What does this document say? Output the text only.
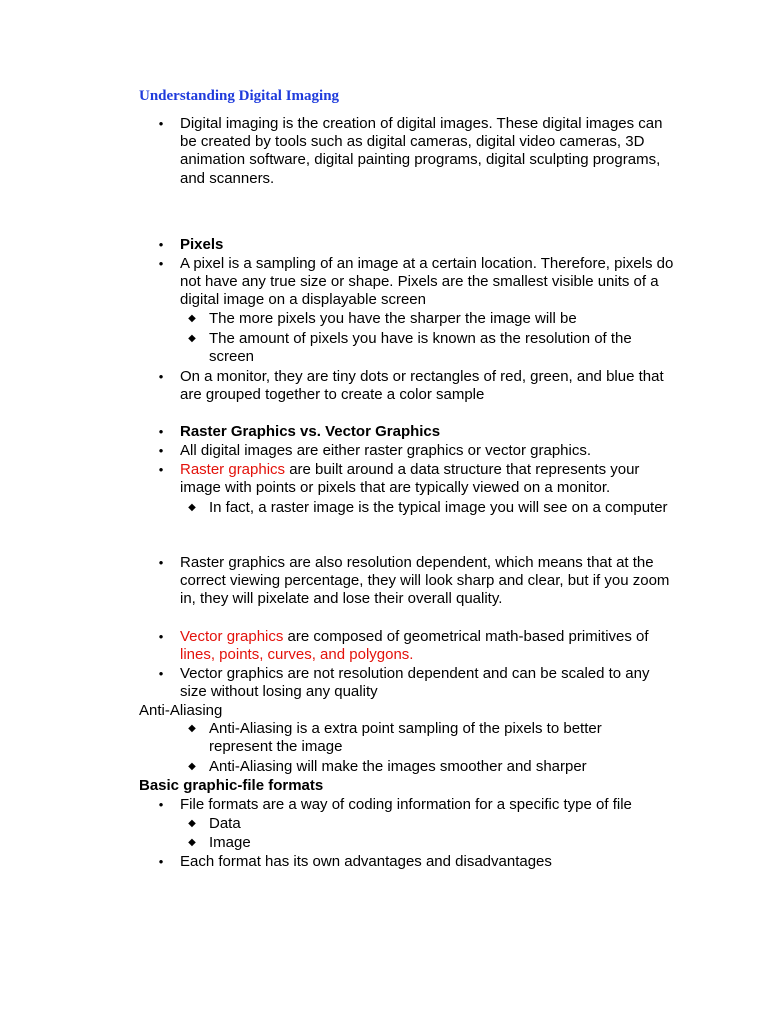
Understanding Digital Imaging
•	Digital imaging is the creation of digital images. These digital images can be created by tools such as digital cameras, digital video cameras, 3D animation software, digital painting programs, digital sculpting programs, and scanners.
•	Pixels
•	A pixel is a sampling of an image at a certain location. Therefore, pixels do not have any true size or shape. Pixels are the smallest visible units of a digital image on a displayable screen
◆ The more pixels you have the sharper the image will be
◆ The amount of pixels you have is known as the resolution of the screen
•	On a monitor, they are tiny dots or rectangles of red, green, and blue that are grouped together to create a color sample
•	Raster Graphics vs. Vector Graphics
•	All digital images are either raster graphics or vector graphics.
•	Raster graphics are built around a data structure that represents your image with points or pixels that are typically viewed on a monitor.
◆ In fact, a raster image is the typical image you will see on a computer
•	Raster graphics are also resolution dependent, which means that at the correct viewing percentage, they will look sharp and clear, but if you zoom in, they will pixelate and lose their overall quality.
•	Vector graphics are composed of geometrical math-based primitives of lines, points, curves, and polygons.
•	Vector graphics are not resolution dependent and can be scaled to any size without losing any quality
Anti-Aliasing
◆ Anti-Aliasing is a extra point sampling of the pixels to better represent the image
◆ Anti-Aliasing will make the images smoother and sharper
Basic graphic-file formats
•	File formats are a way of coding information for a specific type of file
◆ Data
◆ Image
•	Each format has its own advantages and disadvantages
